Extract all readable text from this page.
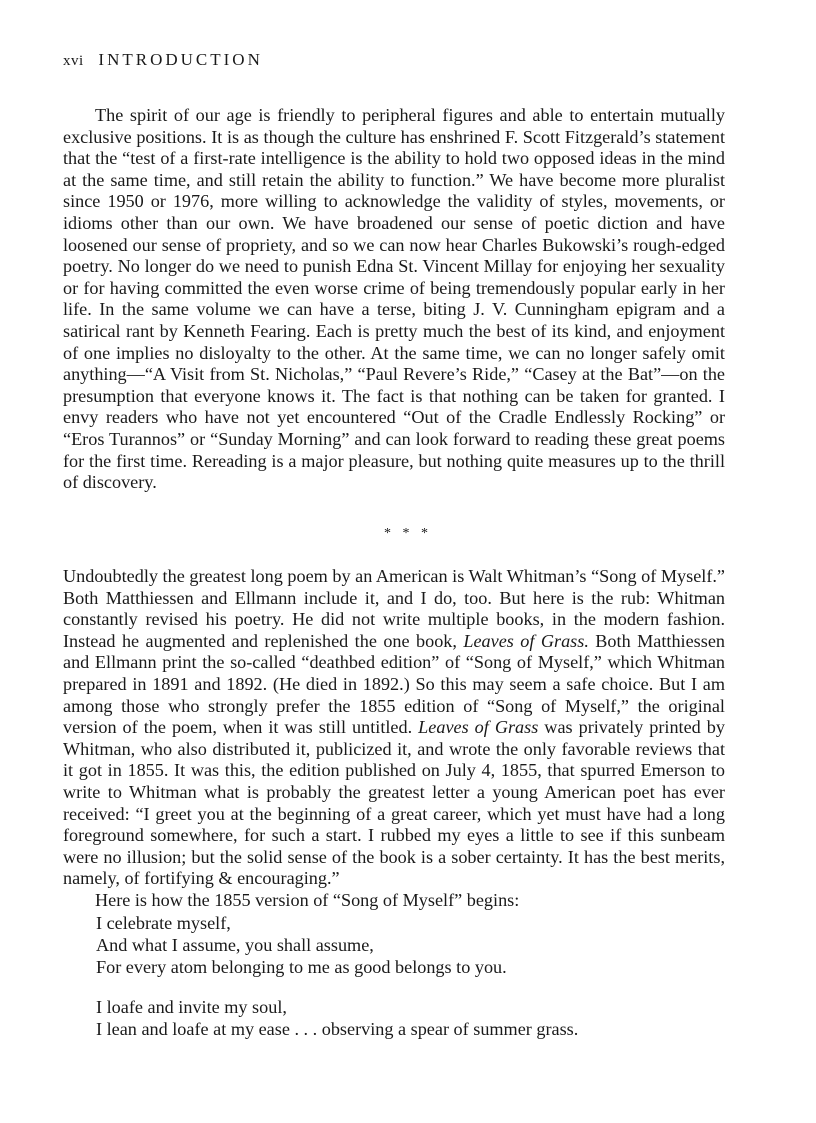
xvi INTRODUCTION

The spirit of our age is friendly to peripheral figures and able to entertain mutually exclusive positions. It is as though the culture has enshrined F. Scott Fitzgerald’s statement that the “test of a first-rate intelligence is the ability to hold two opposed ideas in the mind at the same time, and still retain the ability to function.” We have become more pluralist since 1950 or 1976, more willing to acknowledge the validity of styles, movements, or idioms other than our own. We have broadened our sense of poetic diction and have loosened our sense of propriety, and so we can now hear Charles Bukowski’s rough-edged poetry. No longer do we need to punish Edna St. Vincent Millay for enjoying her sexuality or for having committed the even worse crime of being tremendously popular early in her life. In the same volume we can have a terse, biting J. V. Cunningham epigram and a satirical rant by Kenneth Fearing. Each is pretty much the best of its kind, and enjoyment of one implies no disloyalty to the other. At the same time, we can no longer safely omit anything—“A Visit from St. Nicholas,” “Paul Revere’s Ride,” “Casey at the Bat”—on the presumption that everyone knows it. The fact is that nothing can be taken for granted. I envy readers who have not yet encountered “Out of the Cradle Endlessly Rocking” or “Eros Turannos” or “Sunday Morning” and can look forward to reading these great poems for the first time. Rereading is a major pleasure, but nothing quite measures up to the thrill of discovery.

* * *

Undoubtedly the greatest long poem by an American is Walt Whitman’s “Song of Myself.” Both Matthiessen and Ellmann include it, and I do, too. But here is the rub: Whitman constantly revised his poetry. He did not write multiple books, in the modern fashion. Instead he augmented and replenished the one book, Leaves of Grass. Both Matthiessen and Ellmann print the so-called “deathbed edition” of “Song of Myself,” which Whitman prepared in 1891 and 1892. (He died in 1892.) So this may seem a safe choice. But I am among those who strongly prefer the 1855 edition of “Song of Myself,” the original version of the poem, when it was still untitled. Leaves of Grass was privately printed by Whitman, who also distributed it, publicized it, and wrote the only favorable reviews that it got in 1855. It was this, the edition published on July 4, 1855, that spurred Emerson to write to Whitman what is probably the greatest letter a young American poet has ever received: “I greet you at the beginning of a great career, which yet must have had a long foreground somewhere, for such a start. I rubbed my eyes a little to see if this sunbeam were no illusion; but the solid sense of the book is a sober certainty. It has the best merits, namely, of fortifying & encouraging.”

Here is how the 1855 version of “Song of Myself” begins:

I celebrate myself,
And what I assume, you shall assume,
For every atom belonging to me as good belongs to you.
I loafe and invite my soul,
I lean and loafe at my ease . . . observing a spear of summer grass.
